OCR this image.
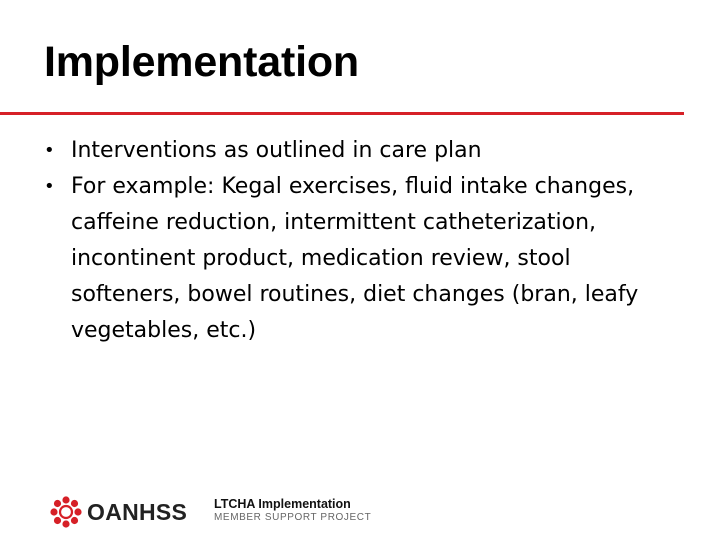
Implementation
• Interventions as outlined in care plan
• For example: Kegal exercises, fluid intake changes, caffeine reduction, intermittent catheterization, incontinent product, medication review, stool softeners, bowel routines, diet changes (bran, leafy vegetables, etc.)
OANHSS LTCHA Implementation
MEMBER SUPPORT PROJECT
